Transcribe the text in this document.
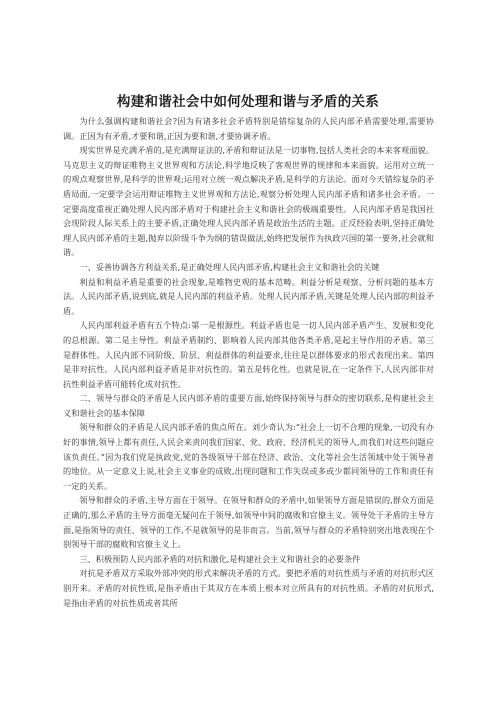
构建和谐社会中如何处理和谐与矛盾的关系

为什么强调构建和谐社会?因为有诸多社会矛盾特别是错综复杂的人民内部矛盾需要处理,需要协调。正因为有矛盾,才要和谐,正因为要和谐,才要协调矛盾。

现实世界是充满矛盾的,是充满辩证法的,矛盾和辩证法是一切事物,包括人类社会的本来客观面貌。马克思主义的辩证唯物主义世界观和方法论,科学地反映了客观世界的规律和本来面貌。运用对立统一的观点观察世界,是科学的世界观;运用对立统一观点解决矛盾,是科学的方法论。面对今天错综复杂的矛盾局面,一定要学会运用辩证唯物主义世界观和方法论,观察分析处理人民内部矛盾和诸多社会矛盾。一定要高度重视正确处理人民内部矛盾对于构建社会主义和谐社会的极端重要性。人民内部矛盾是我国社会现阶段人际关系上的主要矛盾,正确处理人民内部矛盾是政治生活的主题。正反经验表明,坚持正确处理人民内部矛盾的主题,抛弃以阶级斗争为纲的错误做法,始终把发展作为执政兴国的第一要务,社会就和谐。

一、妥善协调各方利益关系,是正确处理人民内部矛盾,构建社会主义和谐社会的关键

利益和利益矛盾是重要的社会现象,是唯物史观的基本范畴。利益分析是观察、分析问题的基本方法。人民内部矛盾,说到底,就是人民内部的利益矛盾。处理人民内部矛盾,关键是处理人民内部的利益矛盾。

人民内部利益矛盾有五个特点:第一是根源性。利益矛盾也是一切人民内部矛盾产生、发展和变化的总根源。第二是主导性。利益矛盾制约、影响着人民内部其他各类矛盾,是起主导作用的矛盾。第三是群体性。人民内部不同阶级、阶层、利益群体的利益要求,往往是以群体要求的形式表现出来。第四是非对抗性。人民内部利益矛盾是非对抗性的。第五是转化性。也就是说,在一定条件下,人民内部非对抗性利益矛盾可能转化成对抗性。

二、领导与群众的矛盾是人民内部矛盾的重要方面,始终保持领导与群众的密切联系,是构建社会主义和谐社会的基本保障

领导和群众的矛盾是人民内部矛盾的焦点所在。刘少奇认为:“社会上一切不合理的现象,一切没有办好的事情,领导上都有责任,人民会来责问我们国家、党、政府、经济机关的领导人,而我们对这些问题应该负责任。”因为我们党是执政党,党的各级领导干部在经济、政治、文化等社会生活领域中处于领导者的地位。从一定意义上说,社会主义事业的成败,出现问题和工作失误或多或少都同领导的工作和责任有一定的关系。

领导和群众的矛盾,主导方面在于领导。在领导和群众的矛盾中,如果领导方面是错误的,群众方面是正确的,那么矛盾的主导方面毫无疑问在于领导,如领导中间的腐败和官僚主义。领导处于矛盾的主导方面,是指领导的责任、领导的工作,不是就领导的是非而言。当前,领导与群众的矛盾特别突出地表现在个别领导干部的腐败和官僚主义上。

三、积极预防人民内部矛盾的对抗和激化,是构建社会主义和谐社会的必要条件

对抗是矛盾双方采取外部冲突的形式来解决矛盾的方式。要把矛盾的对抗性质与矛盾的对抗形式区别开来。矛盾的对抗性质,是指矛盾由于其双方在本质上根本对立所具有的对抗性质。矛盾的对抗形式,是指由矛盾的对抗性质或者其所
